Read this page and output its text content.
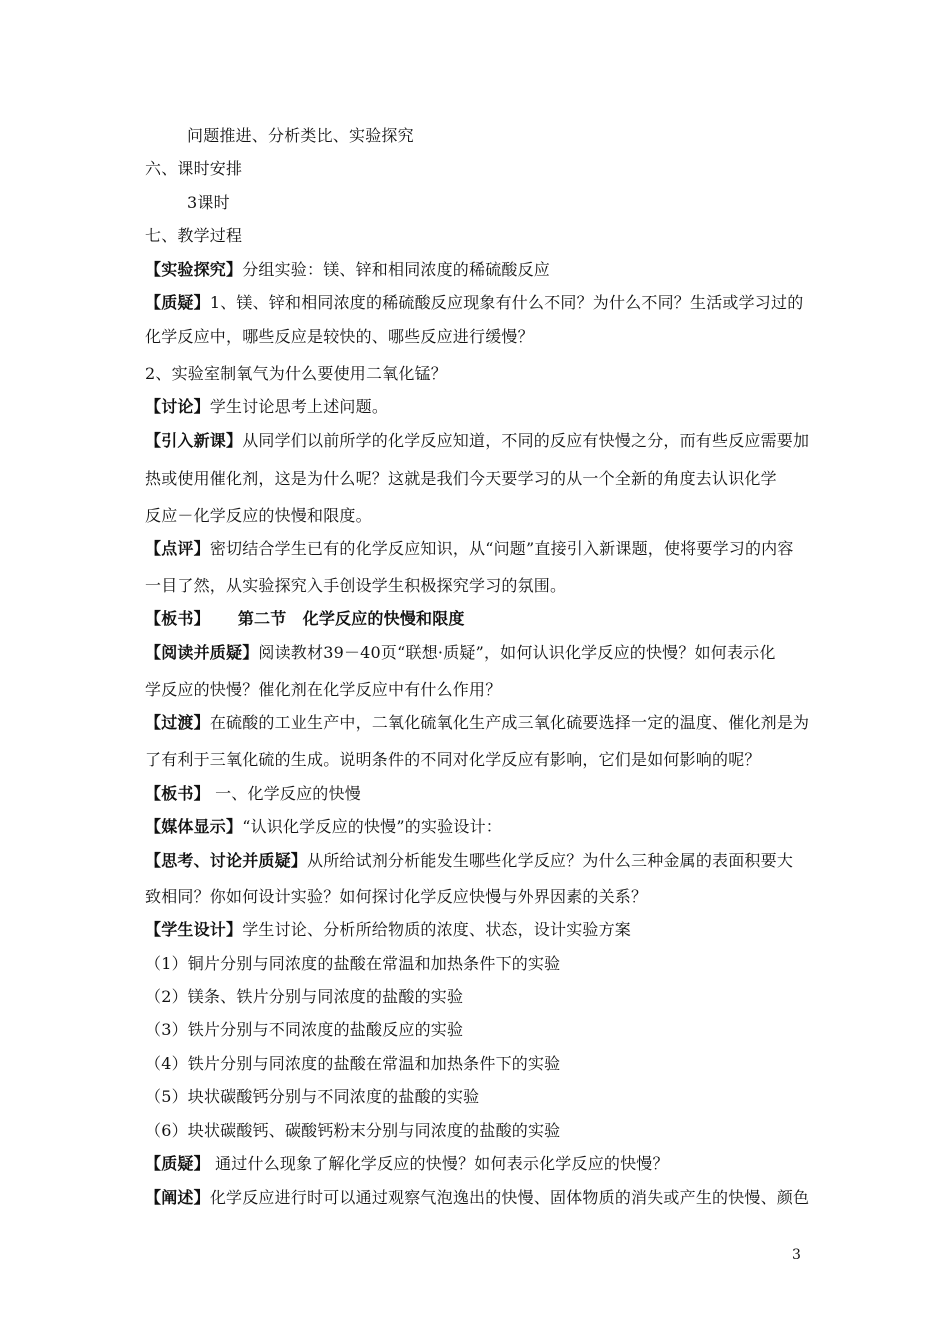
问题推进、分析类比、实验探究
六、课时安排
3课时
七、教学过程
【实验探究】分组实验：镁、锌和相同浓度的稀硫酸反应
【质疑】1、镁、锌和相同浓度的稀硫酸反应现象有什么不同？为什么不同？生活或学习过的
化学反应中，哪些反应是较快的、哪些反应进行缓慢？
2、实验室制氧气为什么要使用二氧化锰？
【讨论】学生讨论思考上述问题。
【引入新课】从同学们以前所学的化学反应知道，不同的反应有快慢之分，而有些反应需要加
热或使用催化剂，这是为什么呢？这就是我们今天要学习的从一个全新的角度去认识化学
反应－化学反应的快慢和限度。
【点评】密切结合学生已有的化学反应知识，从“问题”直接引入新课题，使将要学习的内容
一目了然，从实验探究入手创设学生积极探究学习的氛围。
【板书】 第二节　化学反应的快慢和限度
【阅读并质疑】阅读教材39－40页“联想·质疑”，如何认识化学反应的快慢？如何表示化
学反应的快慢？催化剂在化学反应中有什么作用？
【过渡】在硫酸的工业生产中，二氧化硫氧化生产成三氧化硫要选择一定的温度、催化剂是为
了有利于三氧化硫的生成。说明条件的不同对化学反应有影响，它们是如何影响的呢？
【板书】 一、化学反应的快慢
【媒体显示】“认识化学反应的快慢”的实验设计：
【思考、讨论并质疑】从所给试剂分析能发生哪些化学反应？为什么三种金属的表面积要大
致相同？你如何设计实验？如何探讨化学反应快慢与外界因素的关系？
【学生设计】学生讨论、分析所给物质的浓度、状态，设计实验方案
（1）铜片分别与同浓度的盐酸在常温和加热条件下的实验
（2）镁条、铁片分别与同浓度的盐酸的实验
（3）铁片分别与不同浓度的盐酸反应的实验
（4）铁片分别与同浓度的盐酸在常温和加热条件下的实验
（5）块状碳酸钙分别与不同浓度的盐酸的实验
（6）块状碳酸钙、碳酸钙粉末分别与同浓度的盐酸的实验
【质疑】 通过什么现象了解化学反应的快慢？如何表示化学反应的快慢？
【阐述】化学反应进行时可以通过观察气泡逸出的快慢、固体物质的消失或产生的快慢、颜色
3
